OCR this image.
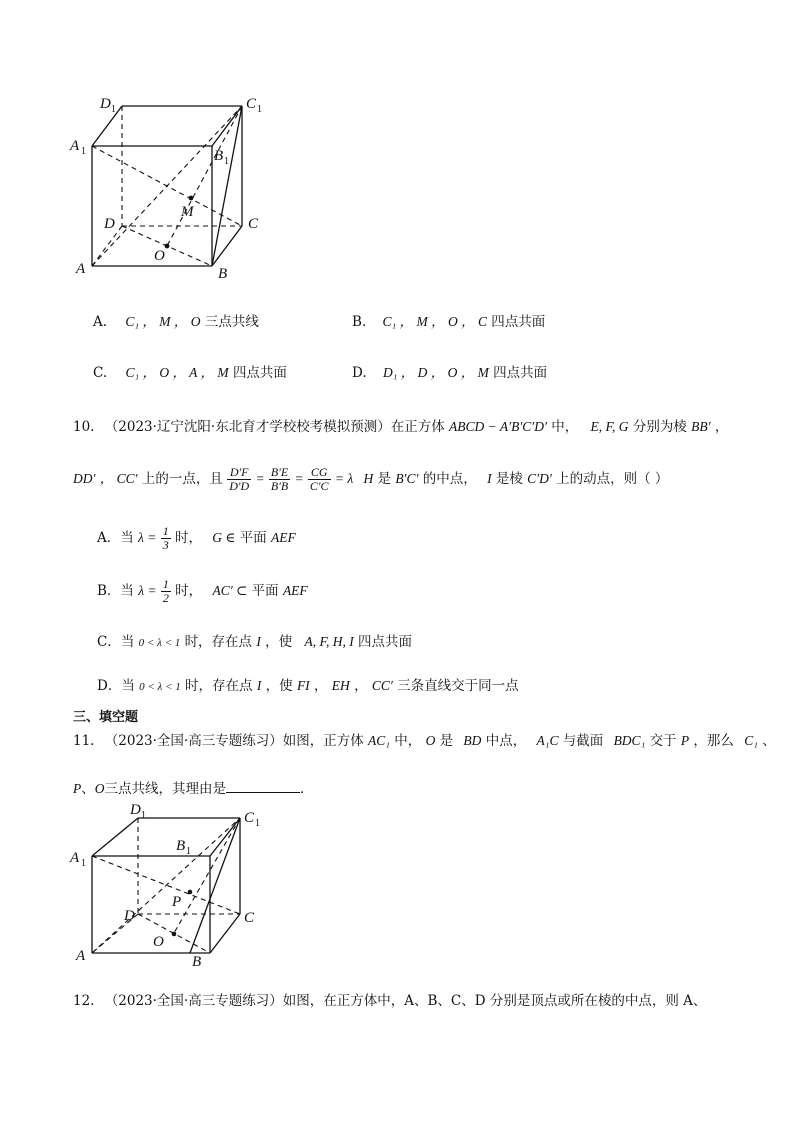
D 1	C 1
A 1	B 1
M
D	C
O
A	B
A. C₁ ， M ， O 三点共线	B. C₁ ， M ， O ， C 四点共面
C. C₁ ， O ， A ， M 四点共面	D. D₁ ， D ， O ， M 四点共面
10. （2023·辽宁沈阳·东北育才学校校考模拟预测）在正方体 ABCD − A′B′C′D′ 中， E, F, G 分别为棱 BB′ ，
DD′ ， CC′ 上的一点，且 $\frac{D'F}{D'D} = \frac{B'E}{B'B} = \frac{CG}{C'C} = \lambda$ H 是 B′C′ 的中点， I 是棱 C′D′ 上的动点，则（ ）
A．当 $\lambda = \frac{1}{3}$ 时， G ∈ 平面 AEF
B．当 $\lambda = \frac{1}{2}$ 时， AC′ ⊂ 平面 AEF
C．当 0 < λ < 1 时，存在点 I ，使 A, F, H, I 四点共面
D．当 0 < λ < 1 时，存在点 I ，使 FI ， EH ， CC′ 三条直线交于同一点
三、填空题
11. （2023·全国·高三专题练习）如图，正方体 AC₁ 中， O 是 BD 中点， A₁C 与截面 BDC₁ 交于 P ，那么 C₁ 、
P、O三点共线，其理由是	．
D 1	C 1
B 1
A 1
P
D	C
O
A	B
12. （2023·全国·高三专题练习）如图，在正方体中，A、B、C、D 分别是顶点或所在棱的中点，则 A、
